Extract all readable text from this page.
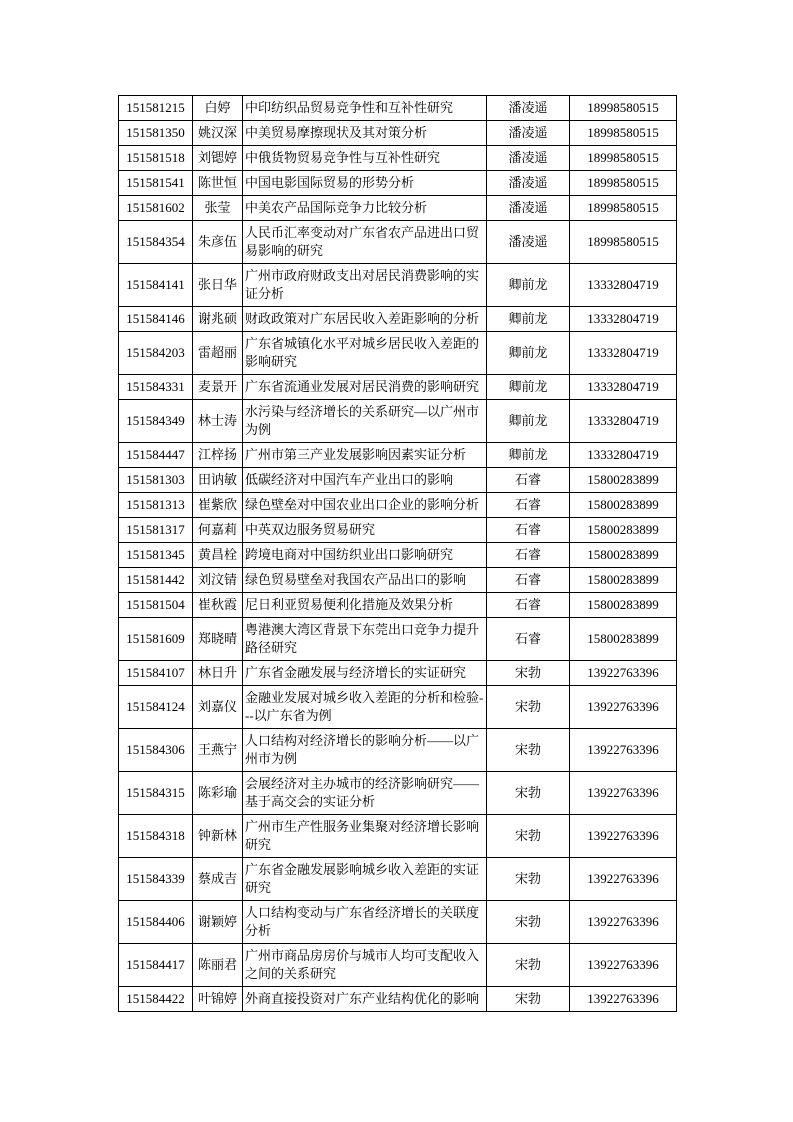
151581215	白婷	中印纺织品贸易竞争性和互补性研究	潘凌遥	18998580515
151581350	姚汉深	中美贸易摩擦现状及其对策分析	潘凌遥	18998580515
151581518	刘锶婷	中俄货物贸易竞争性与互补性研究	潘凌遥	18998580515
151581541	陈世恒	中国电影国际贸易的形势分析	潘凌遥	18998580515
151581602	张莹	中美农产品国际竞争力比较分析	潘凌遥	18998580515
151584354	朱彦伍	人民币汇率变动对广东省农产品进出口贸易影响的研究	潘凌遥	18998580515
151584141	张日华	广州市政府财政支出对居民消费影响的实证分析	卿前龙	13332804719
151584146	谢兆硕	财政政策对广东居民收入差距影响的分析	卿前龙	13332804719
151584203	雷超丽	广东省城镇化水平对城乡居民收入差距的影响研究	卿前龙	13332804719
151584331	麦景开	广东省流通业发展对居民消费的影响研究	卿前龙	13332804719
151584349	林士涛	水污染与经济增长的关系研究—以广州市为例	卿前龙	13332804719
151584447	江梓扬	广州市第三产业发展影响因素实证分析	卿前龙	13332804719
151581303	田讷敏	低碳经济对中国汽车产业出口的影响	石睿	15800283899
151581313	崔紫欣	绿色壁垒对中国农业出口企业的影响分析	石睿	15800283899
151581317	何嘉莉	中英双边服务贸易研究	石睿	15800283899
151581345	黄昌栓	跨境电商对中国纺织业出口影响研究	石睿	15800283899
151581442	刘汶锖	绿色贸易壁垒对我国农产品出口的影响	石睿	15800283899
151581504	崔秋霞	尼日利亚贸易便利化措施及效果分析	石睿	15800283899
151581609	郑晓晴	粤港澳大湾区背景下东莞出口竞争力提升路径研究	石睿	15800283899
151584107	林日升	广东省金融发展与经济增长的实证研究	宋勃	13922763396
151584124	刘嘉仪	金融业发展对城乡收入差距的分析和检验---以广东省为例	宋勃	13922763396
151584306	王燕宁	人口结构对经济增长的影响分析——以广州市为例	宋勃	13922763396
151584315	陈彩瑜	会展经济对主办城市的经济影响研究——基于高交会的实证分析	宋勃	13922763396
151584318	钟新林	广州市生产性服务业集聚对经济增长影响研究	宋勃	13922763396
151584339	蔡成吉	广东省金融发展影响城乡收入差距的实证研究	宋勃	13922763396
151584406	谢颖婷	人口结构变动与广东省经济增长的关联度分析	宋勃	13922763396
151584417	陈丽君	广州市商品房房价与城市人均可支配收入之间的关系研究	宋勃	13922763396
151584422	叶锦婷	外商直接投资对广东产业结构优化的影响	宋勃	13922763396
